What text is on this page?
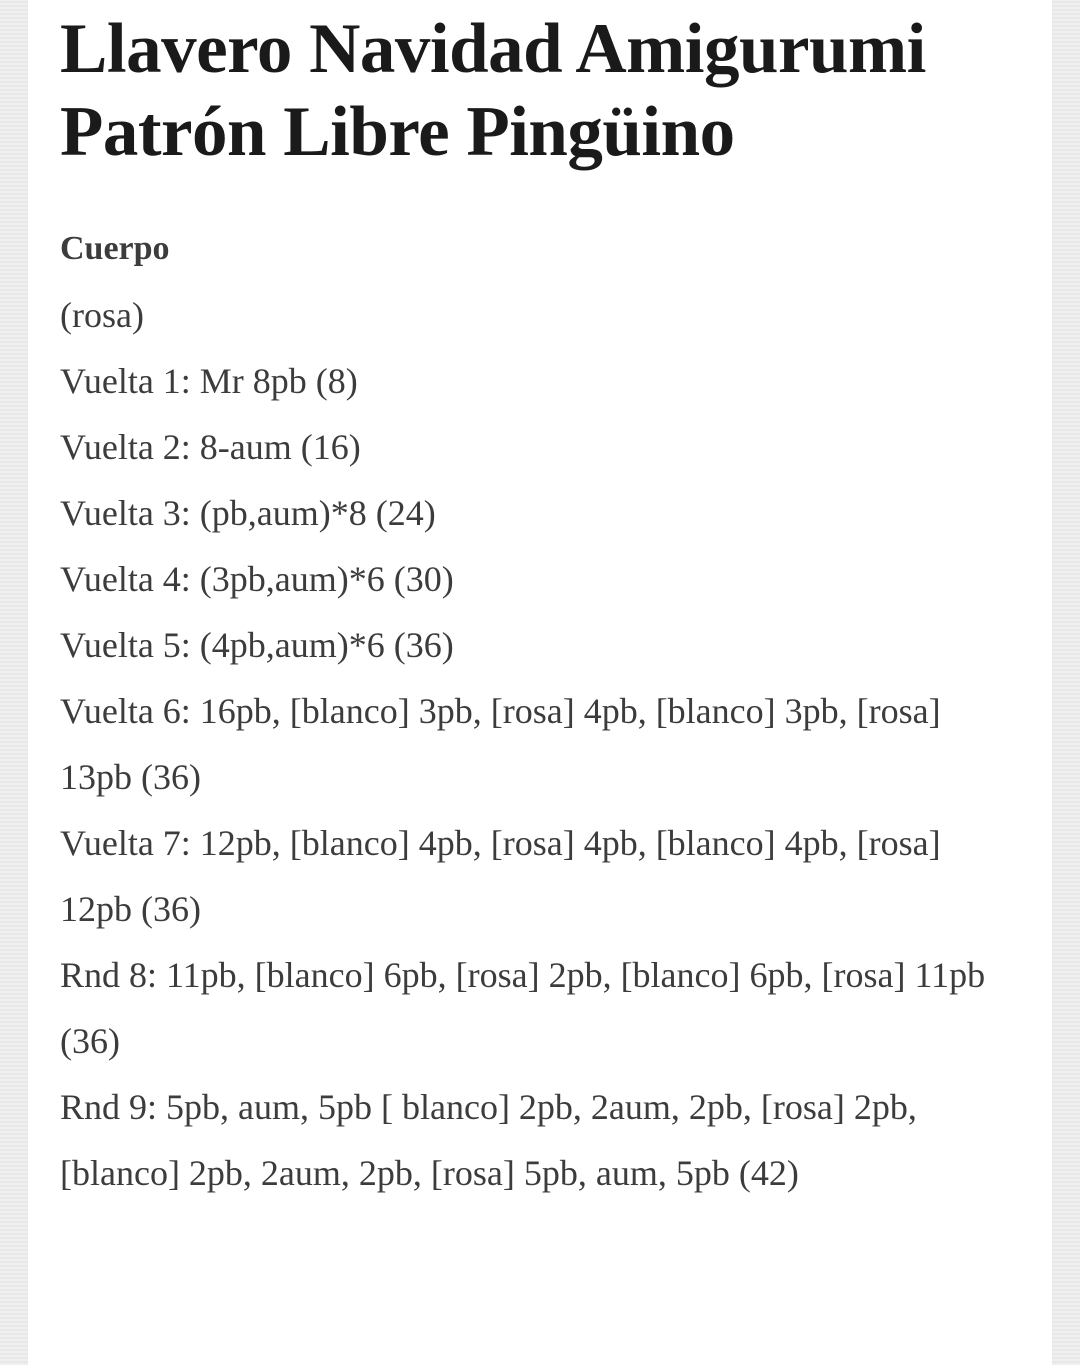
Llavero Navidad Amigurumi Patrón Libre Pingüino
Cuerpo
(rosa)
Vuelta 1: Mr 8pb (8)
Vuelta 2: 8-aum (16)
Vuelta 3: (pb,aum)*8 (24)
Vuelta 4: (3pb,aum)*6 (30)
Vuelta 5: (4pb,aum)*6 (36)
Vuelta 6: 16pb, [blanco] 3pb, [rosa] 4pb, [blanco] 3pb, [rosa] 13pb (36)
Vuelta 7: 12pb, [blanco] 4pb, [rosa] 4pb, [blanco] 4pb, [rosa] 12pb (36)
Rnd 8: 11pb, [blanco] 6pb, [rosa] 2pb, [blanco] 6pb, [rosa] 11pb (36)
Rnd 9: 5pb, aum, 5pb [ blanco] 2pb, 2aum, 2pb, [rosa] 2pb, [blanco] 2pb, 2aum, 2pb, [rosa] 5pb, aum, 5pb (42)
